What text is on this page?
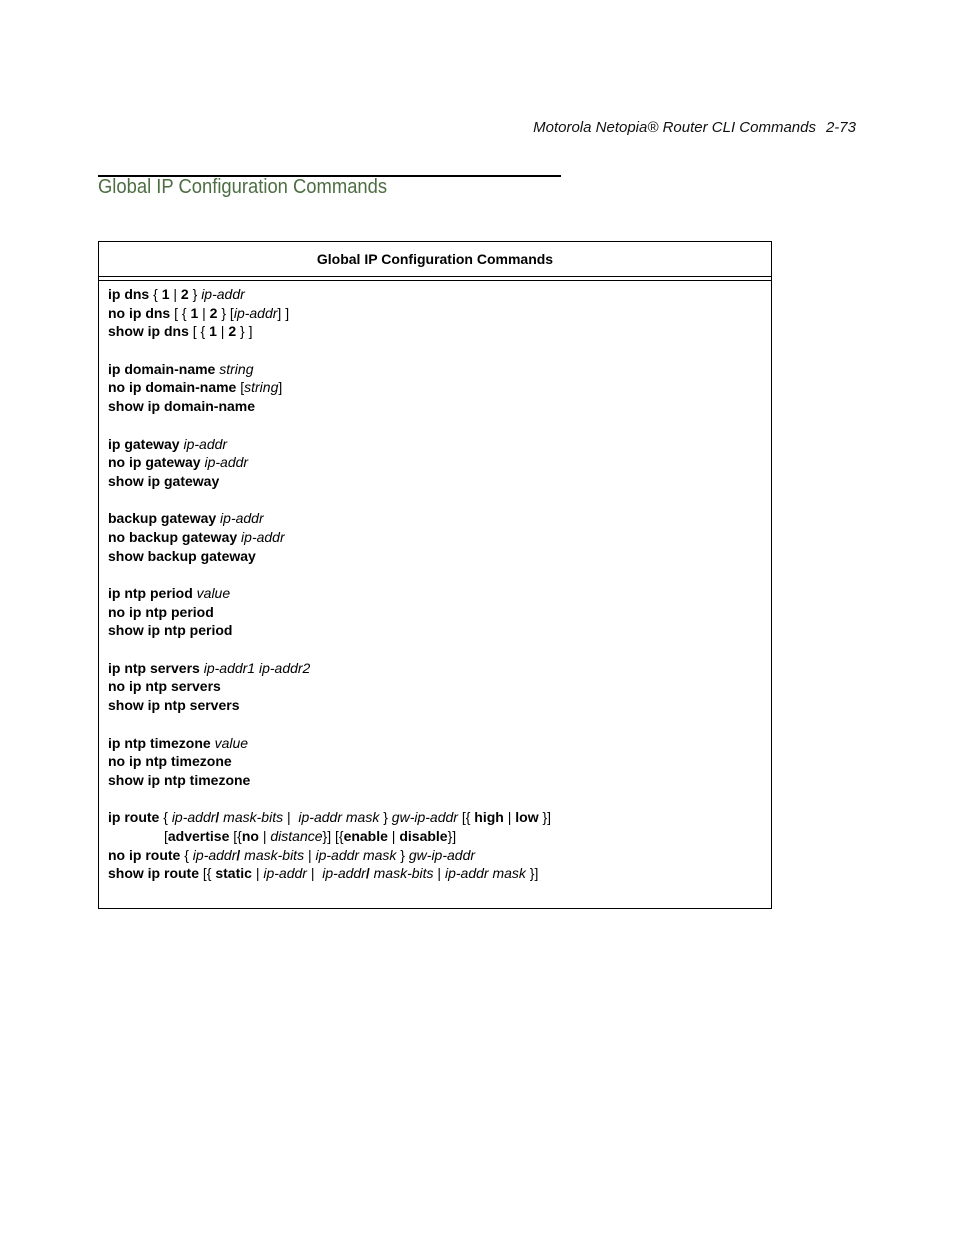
Motorola Netopia® Router CLI Commands 2-73
Global IP Configuration Commands
Global IP Configuration Commands
ip dns { 1 | 2 } ip-addr
no ip dns [ { 1 | 2 } [ip-addr] ]
show ip dns [ { 1 | 2 } ]
ip domain-name string
no ip domain-name [string]
show ip domain-name
ip gateway ip-addr
no ip gateway ip-addr
show ip gateway
backup gateway ip-addr
no backup gateway ip-addr
show backup gateway
ip ntp period value
no ip ntp period
show ip ntp period
ip ntp servers ip-addr1 ip-addr2
no ip ntp servers
show ip ntp servers
ip ntp timezone value
no ip ntp timezone
show ip ntp timezone
ip route { ip-addr/ mask-bits |  ip-addr mask } gw-ip-addr [{ high | low }]
[advertise [{no | distance}] [{enable | disable}]
no ip route { ip-addr/ mask-bits | ip-addr mask } gw-ip-addr
show ip route [{ static | ip-addr |  ip-addr/ mask-bits | ip-addr mask }]
